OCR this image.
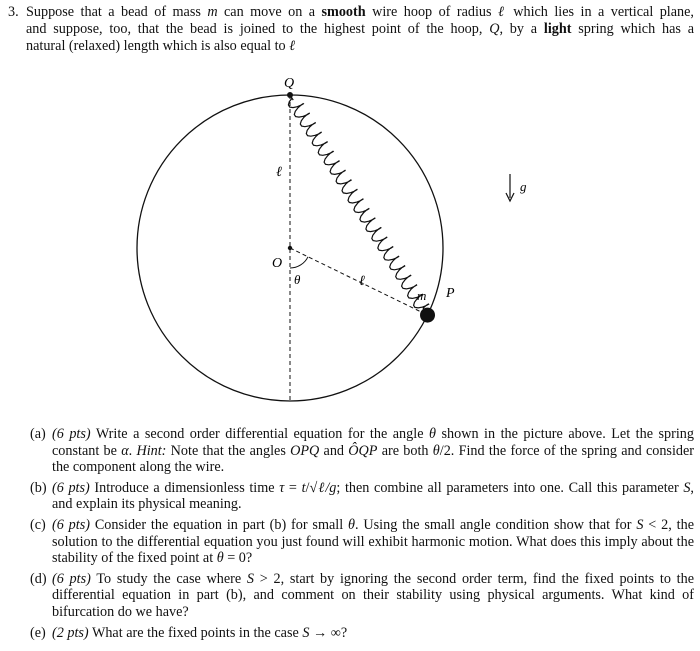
3. Suppose that a bead of mass m can move on a smooth wire hoop of radius ℓ which lies in a vertical plane,
and suppose, too, that the bead is joined to the highest point of the hoop, Q, by a light spring which has a
natural (relaxed) length which is also equal to ℓ
Q
O
θ
ℓ
ℓ
m P
g
(a) (6 pts) Write a second order differential equation for the angle θ shown in the picture above. Let the spring constant be α. Hint: Note that the angles OPQ and ÔQP are both θ/2. Find the force of the spring and consider the component along the wire.
(b) (6 pts) Introduce a dimensionless time τ = t/√ℓ/g; then combine all parameters into one. Call this parameter S, and explain its physical meaning.
(c) (6 pts) Consider the equation in part (b) for small θ. Using the small angle condition show that for S < 2, the solution to the differential equation you just found will exhibit harmonic motion. What does this imply about the stability of the fixed point at θ = 0?
(d) (6 pts) To study the case where S > 2, start by ignoring the second order term, find the fixed points to the differential equation in part (b), and comment on their stability using physical arguments. What kind of bifurcation do we have?
(e) (2 pts) What are the fixed points in the case S → ∞?
